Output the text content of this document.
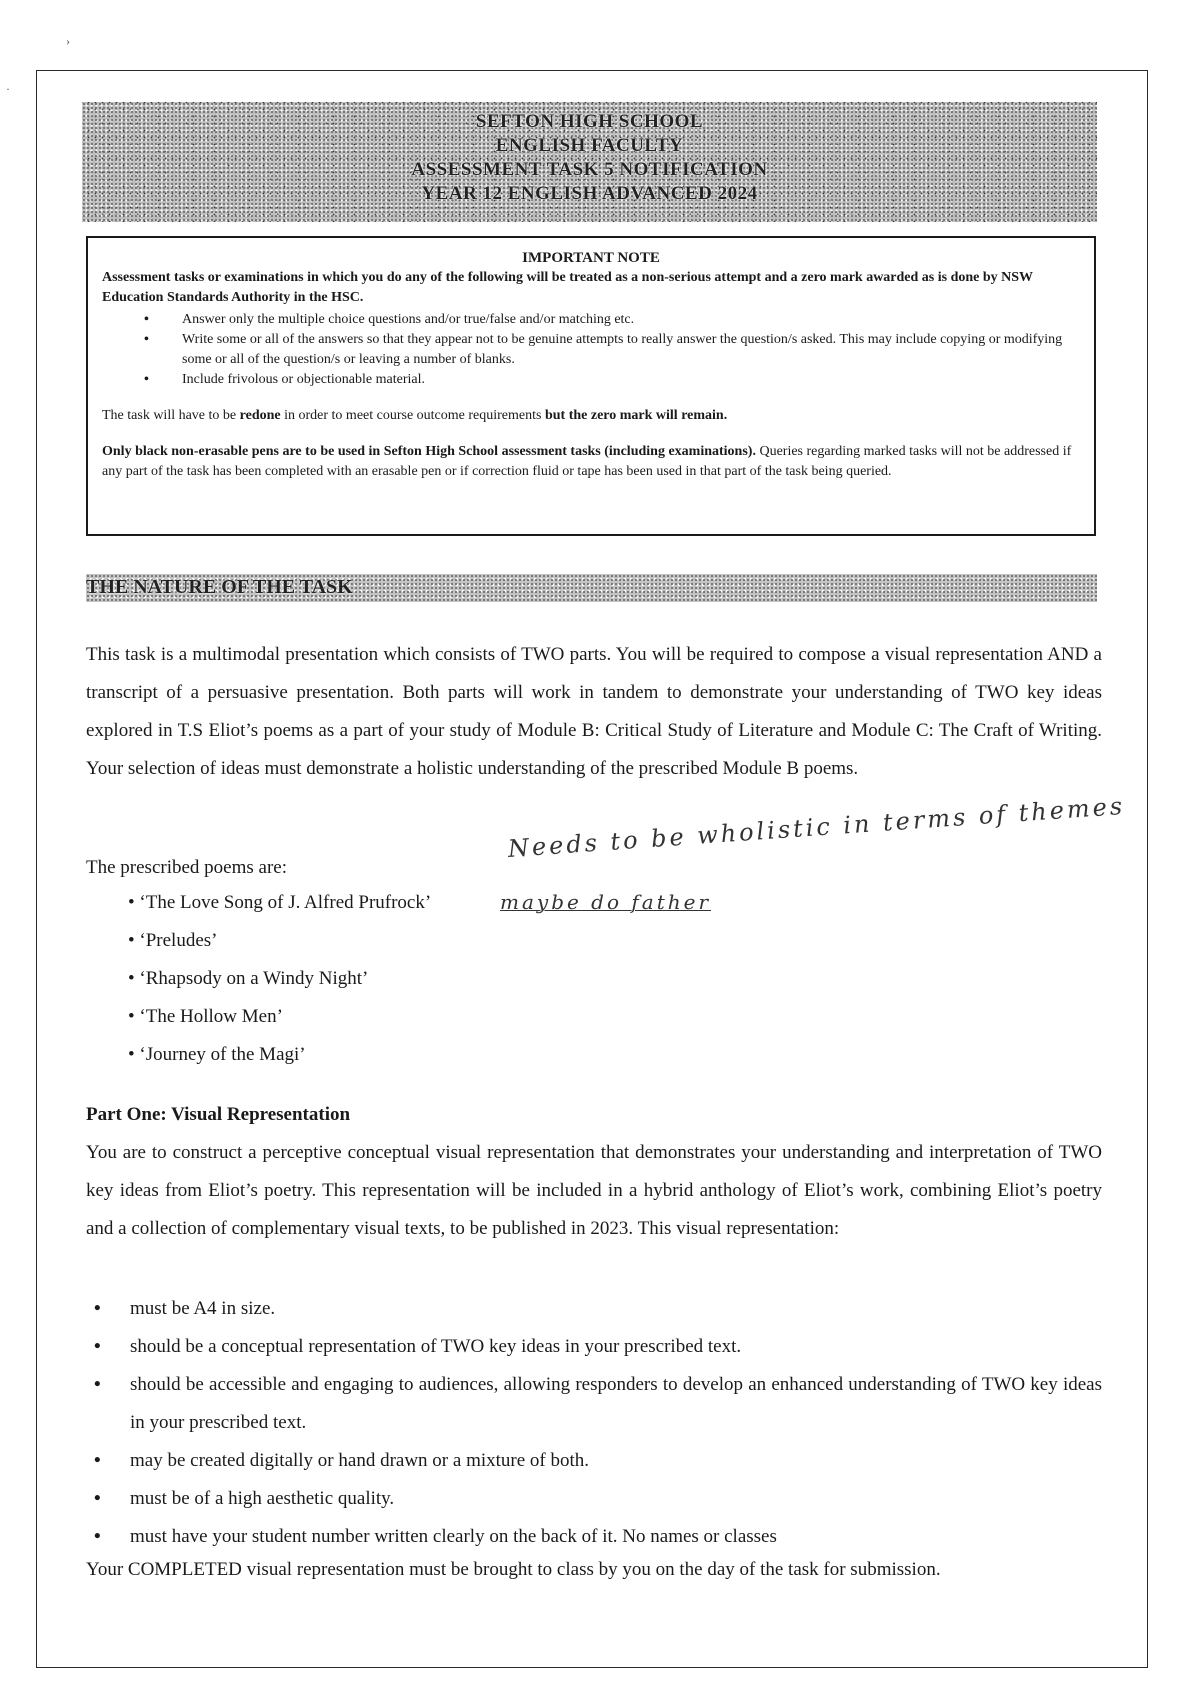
›
·
SEFTON HIGH SCHOOL
ENGLISH FACULTY
ASSESSMENT TASK 5 NOTIFICATION
YEAR 12 ENGLISH ADVANCED 2024
IMPORTANT NOTE

Assessment tasks or examinations in which you do any of the following will be treated as a non-serious attempt and a zero mark awarded as is done by NSW Education Standards Authority in the HSC.

• Answer only the multiple choice questions and/or true/false and/or matching etc.
• Write some or all of the answers so that they appear not to be genuine attempts to really answer the question/s asked. This may include copying or modifying some or all of the question/s or leaving a number of blanks.
• Include frivolous or objectionable material.

The task will have to be redone in order to meet course outcome requirements but the zero mark will remain.

Only black non-erasable pens are to be used in Sefton High School assessment tasks (including examinations). Queries regarding marked tasks will not be addressed if any part of the task has been completed with an erasable pen or if correction fluid or tape has been used in that part of the task being queried.

THE NATURE OF THE TASK

This task is a multimodal presentation which consists of TWO parts. You will be required to compose a visual representation AND a transcript of a persuasive presentation. Both parts will work in tandem to demonstrate your understanding of TWO key ideas explored in T.S Eliot’s poems as a part of your study of Module B: Critical Study of Literature and Module C: The Craft of Writing. Your selection of ideas must demonstrate a holistic understanding of the prescribed Module B poems.

The prescribed poems are:
• ‘The Love Song of J. Alfred Prufrock’
• ‘Preludes’
• ‘Rhapsody on a Windy Night’
• ‘The Hollow Men’
• ‘Journey of the Magi’
Needs to be wholistic in terms of themes
maybe do father
Part One: Visual Representation

You are to construct a perceptive conceptual visual representation that demonstrates your understanding and interpretation of TWO key ideas from Eliot’s poetry. This representation will be included in a hybrid anthology of Eliot’s work, combining Eliot’s poetry and a collection of complementary visual texts, to be published in 2023. This visual representation:

• must be A4 in size.
• should be a conceptual representation of TWO key ideas in your prescribed text.
• should be accessible and engaging to audiences, allowing responders to develop an enhanced understanding of TWO key ideas in your prescribed text.
• may be created digitally or hand drawn or a mixture of both.
• must be of a high aesthetic quality.
• must have your student number written clearly on the back of it. No names or classes
Your COMPLETED visual representation must be brought to class by you on the day of the task for submission.
